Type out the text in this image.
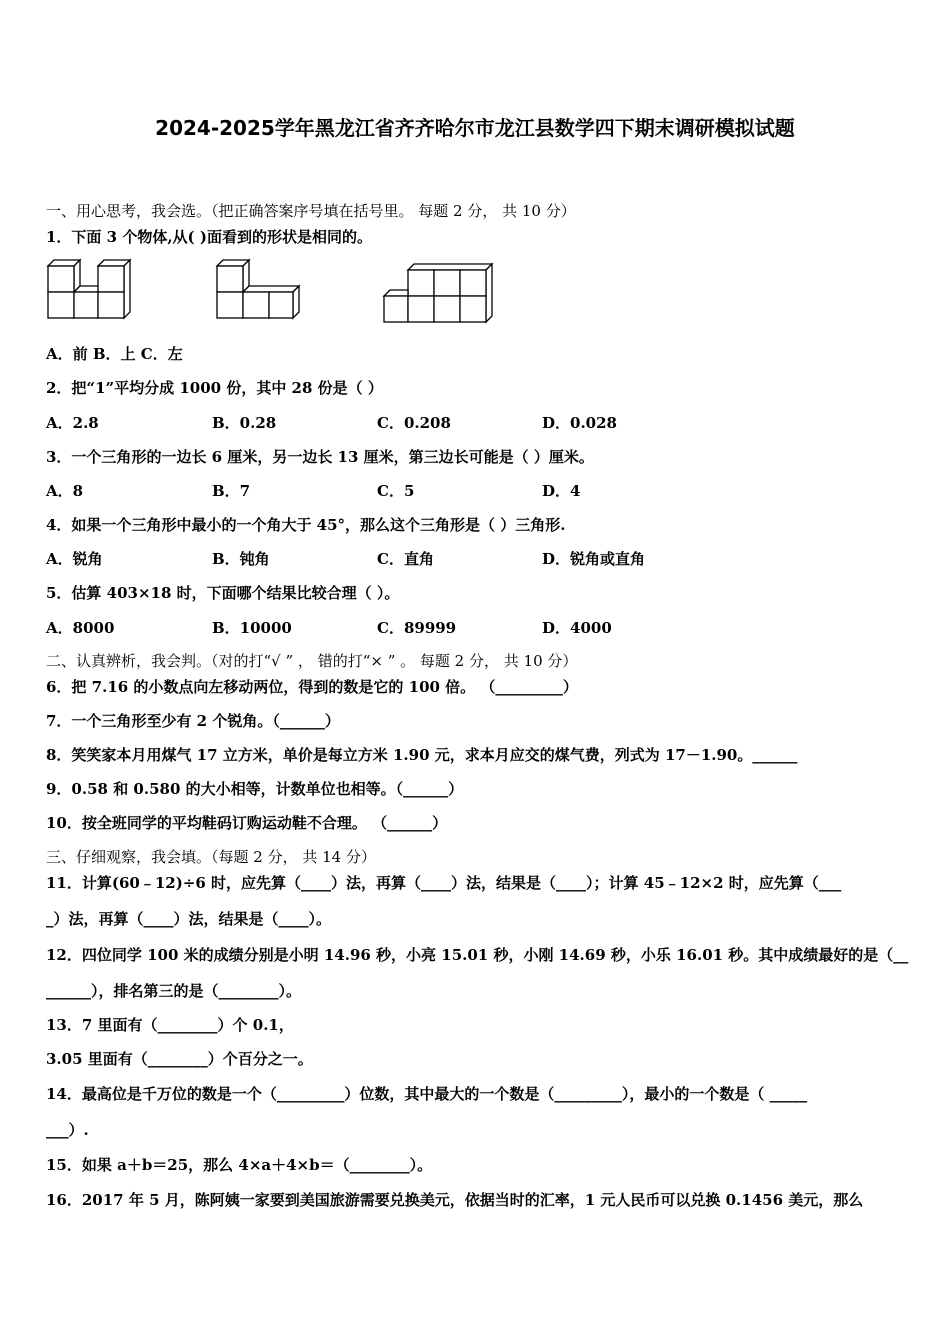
2024-2025学年黑龙江省齐齐哈尔市龙江县数学四下期末调研模拟试题
一、用心思考，我会选。（把正确答案序号填在括号里。 每题 2 分， 共 10 分）
1．下面 3 个物体,从( )面看到的形状是相同的。
A．前 B．上 C．左
2．把“1”平均分成 1000 份，其中 28 份是（ ）
A．2.8	B．0.28	C．0.208	D．0.028
3．一个三角形的一边长 6 厘米，另一边长 13 厘米，第三边长可能是（ ）厘米。
A．8	B．7	C．5	D．4
4．如果一个三角形中最小的一个角大于 45°，那么这个三角形是（ ）三角形.
A．锐角	B．钝角	C．直角	D．锐角或直角
5．估算 403×18 时，下面哪个结果比较合理（ ）。
A．8000	B．10000	C．89999	D．4000
二、认真辨析，我会判。（对的打“√ ” ， 错的打“× ” 。 每题 2 分， 共 10 分）
6．把 7.16 的小数点向左移动两位，得到的数是它的 100 倍。 （_________）
7．一个三角形至少有 2 个锐角。（______）
8．笑笑家本月用煤气 17 立方米，单价是每立方米 1.90 元，求本月应交的煤气费，列式为 17－1.90。______
9．0.58 和 0.580 的大小相等，计数单位也相等。（______）
10．按全班同学的平均鞋码订购运动鞋不合理。 （______）
三、仔细观察，我会填。（每题 2 分， 共 14 分）
11．计算(60﹣12)÷6 时，应先算（____）法，再算（____）法，结果是（____）；计算 45﹣12×2 时，应先算（___
_）法，再算（____）法，结果是（____）。
12．四位同学 100 米的成绩分别是小明 14.96 秒，小亮 15.01 秒，小刚 14.69 秒，小乐 16.01 秒。其中成绩最好的是（__
______），排名第三的是（________）。
13．7 里面有（________）个 0.1，
3.05 里面有（________）个百分之一。
14．最高位是千万位的数是一个（_________）位数，其中最大的一个数是（_________），最小的一个数是（ _____
___）.
15．如果 a＋b＝25，那么 4×a＋4×b＝（________）。
16．2017 年 5 月，陈阿姨一家要到美国旅游需要兑换美元，依据当时的汇率，1 元人民币可以兑换 0.1456 美元，那么
